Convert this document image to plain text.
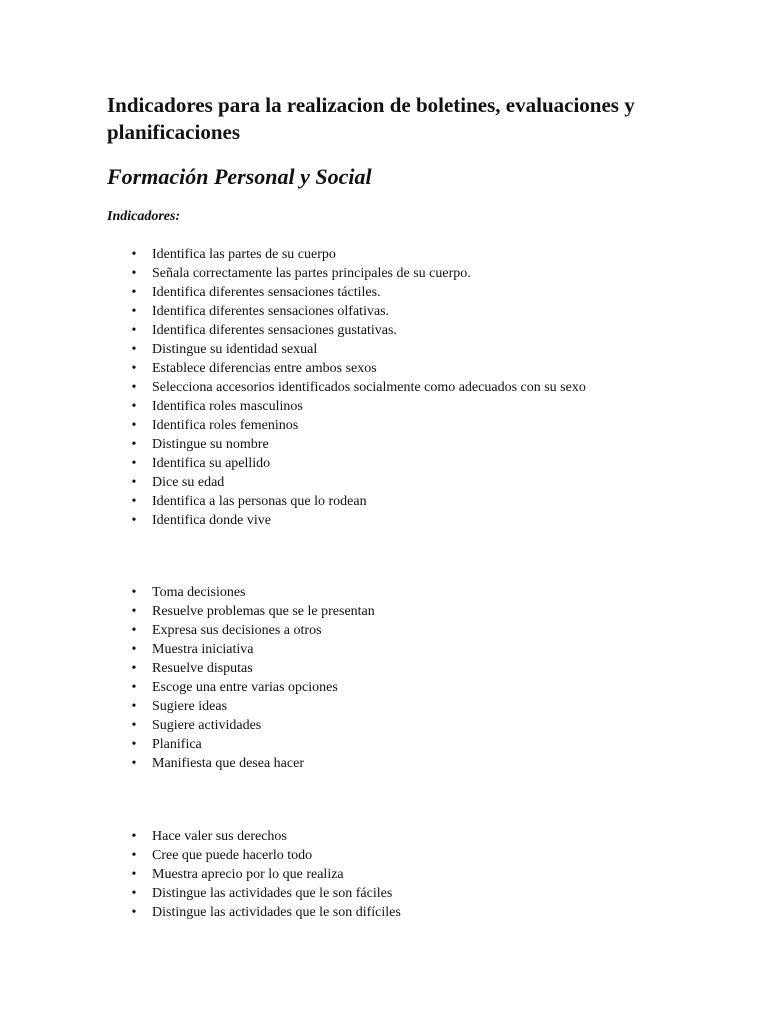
Indicadores para la realizacion de boletines, evaluaciones y planificaciones
Formación Personal y Social

Indicadores:

• Identifica las partes de su cuerpo
• Señala correctamente las partes principales de su cuerpo.
• Identifica diferentes sensaciones táctiles.
• Identifica diferentes sensaciones olfativas.
• Identifica diferentes sensaciones gustativas.
• Distingue su identidad sexual
• Establece diferencias entre ambos sexos
• Selecciona accesorios identificados socialmente como adecuados con su sexo
• Identifica roles masculinos
• Identifica roles femeninos
• Distingue su nombre
• Identifica su apellido
• Dice su edad
• Identifica a las personas que lo rodean
• Identifica donde vive
• Toma decisiones
• Resuelve problemas que se le presentan
• Expresa sus decisiones a otros
• Muestra iniciativa
• Resuelve disputas
• Escoge una entre varias opciones
• Sugiere ideas
• Sugiere actividades
• Planifica
• Manifiesta que desea hacer
• Hace valer sus derechos
• Cree que puede hacerlo todo
• Muestra aprecio por lo que realiza
• Distingue las actividades que le son fáciles
• Distingue las actividades que le son difíciles
